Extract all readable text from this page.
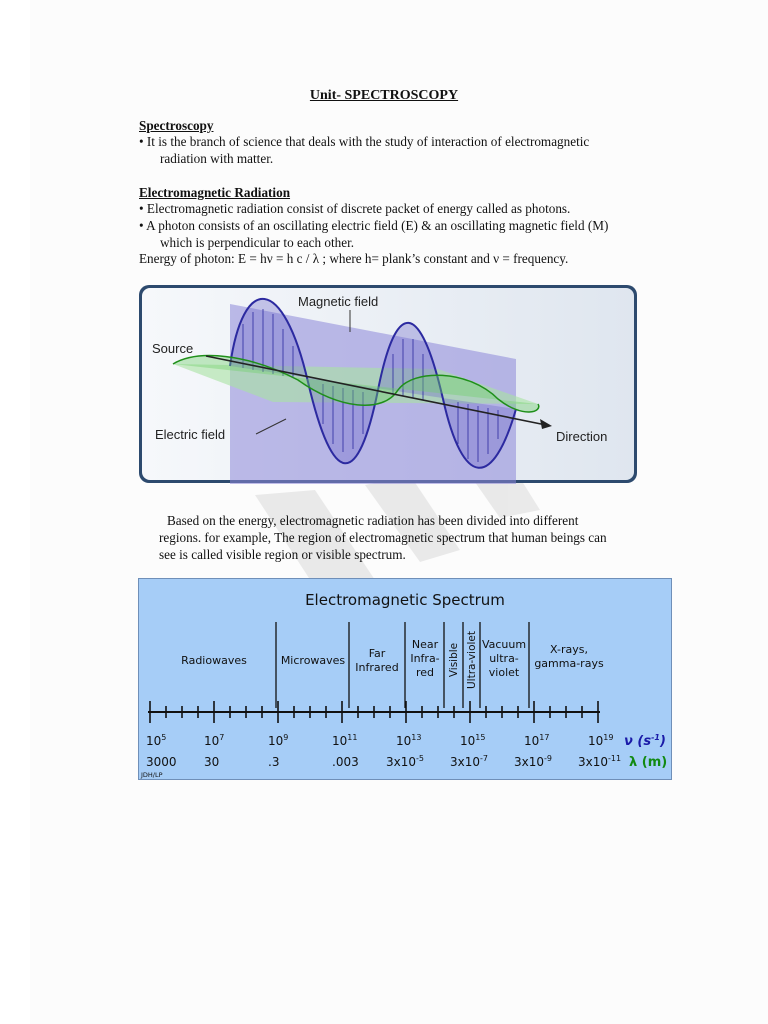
Unit- SPECTROSCOPY
Spectroscopy
• It is the branch of science that deals with the study of interaction of electromagnetic
radiation with matter.
Electromagnetic Radiation
• Electromagnetic radiation consist of discrete packet of energy called as photons.
• A photon consists of an oscillating electric field (E) & an oscillating magnetic field (M)
which is perpendicular to each other.
Energy of photon: E = hν = h c / λ ; where h= plank’s constant and ν = frequency.
Magnetic field
Source
Electric field	Direction
Based on the energy, electromagnetic radiation has been divided into different
regions. for example, The region of electromagnetic spectrum that human beings can
see is called visible region or visible spectrum.
Electromagnetic Spectrum
Radiowaves	Microwaves
Far
Infrared
Near
Infra-
red
Vacuum
ultra-
violet
X-rays,
gamma-rays
Visible Ultra-violet
$10^5$	$10^7$	$10^9$	$10^{11}$	$10^{13}$	$10^{15}$	$10^{17}$	$10^{19}$
3000 30	.3	.003 $3x10^{-5}$ $3x10^{-7}$ $3x10^{-9}$ $3x10^{-11}$
ν $(s^{-1})$
λ (m)
JDH/LP
